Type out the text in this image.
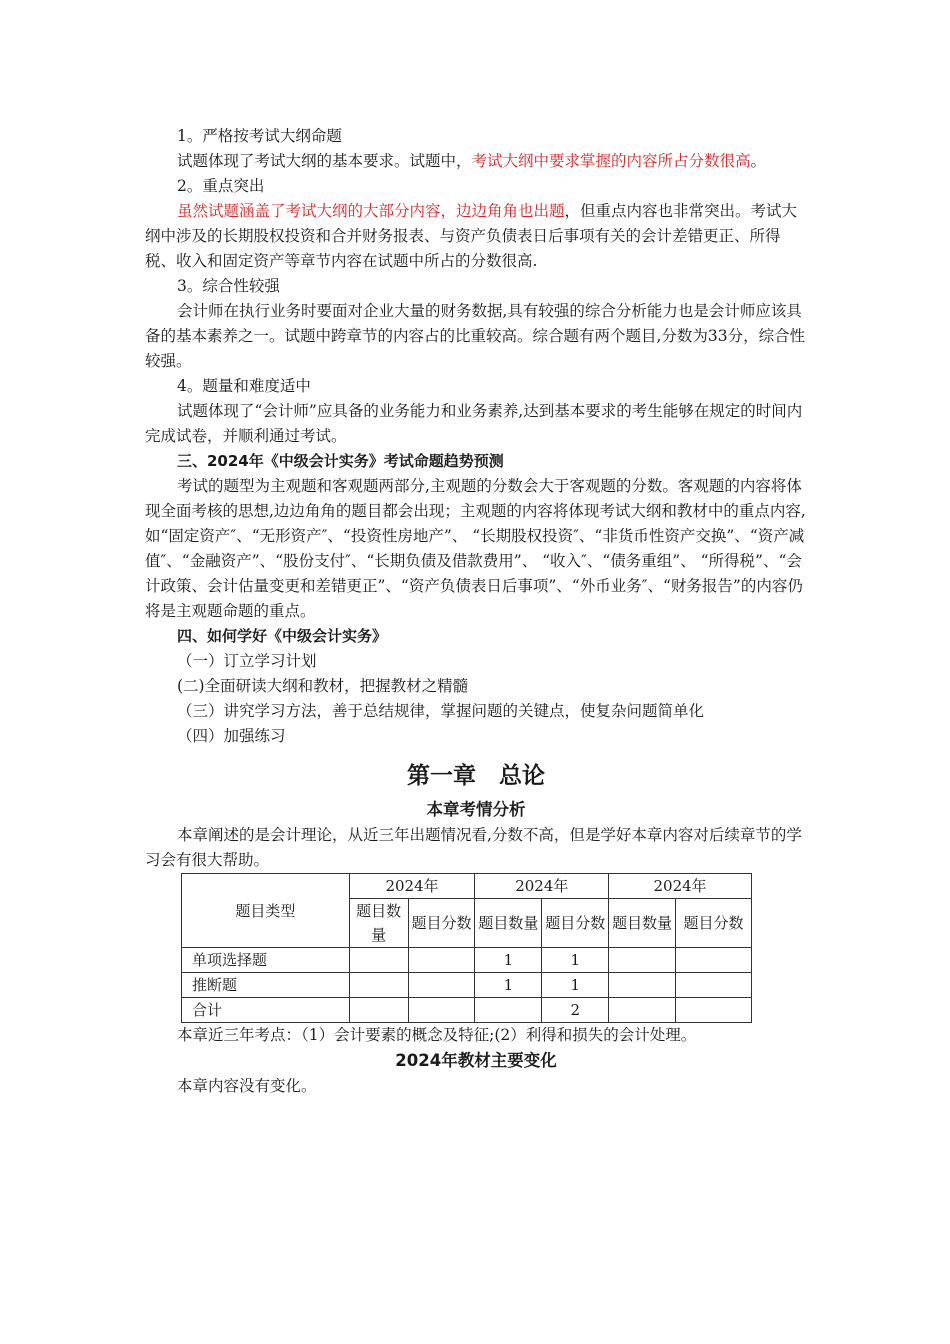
1。严格按考试大纲命题

试题体现了考试大纲的基本要求。试题中，考试大纲中要求掌握的内容所占分数很高。

2。重点突出

虽然试题涵盖了考试大纲的大部分内容，边边角角也出题，但重点内容也非常突出。考试大纲中涉及的长期股权投资和合并财务报表、与资产负债表日后事项有关的会计差错更正、所得税、收入和固定资产等章节内容在试题中所占的分数很高.

3。综合性较强

会计师在执行业务时要面对企业大量的财务数据,具有较强的综合分析能力也是会计师应该具备的基本素养之一。试题中跨章节的内容占的比重较高。综合题有两个题目,分数为33分，综合性较强。

4。题量和难度适中

试题体现了“会计师”应具备的业务能力和业务素养,达到基本要求的考生能够在规定的时间内完成试卷，并顺利通过考试。

三、2024年《中级会计实务》考试命题趋势预测

考试的题型为主观题和客观题两部分,主观题的分数会大于客观题的分数。客观题的内容将体现全面考核的思想,边边角角的题目都会出现；主观题的内容将体现考试大纲和教材中的重点内容,如“固定资产″、“无形资产″、“投资性房地产”、 “长期股权投资″、“非货币性资产交换”、“资产减值″、“金融资产”、“股份支付″、“长期负债及借款费用”、 “收入″、“债务重组”、 “所得税”、“会计政策、会计估量变更和差错更正”、“资产负债表日后事项”、“外币业务″、“财务报告”的内容仍将是主观题命题的重点。

四、如何学好《中级会计实务》

（一）订立学习计划

(二)全面研读大纲和教材，把握教材之精髓

（三）讲究学习方法，善于总结规律，掌握问题的关键点，使复杂问题简单化

（四）加强练习

第一章　总论
本章考情分析

本章阐述的是会计理论，从近三年出题情况看,分数不高，但是学好本章内容对后续章节的学习会有很大帮助。

题目类型	2024年		2024年		2024年	
	题目数量	题目分数	题目数量	题目分数	题目数量	题目分数
单项选择题			1	1		
推断题			1	1		
合计				2		

本章近三年考点：（1）会计要素的概念及特征;(2）利得和损失的会计处理。

2024年教材主要变化

本章内容没有变化。
